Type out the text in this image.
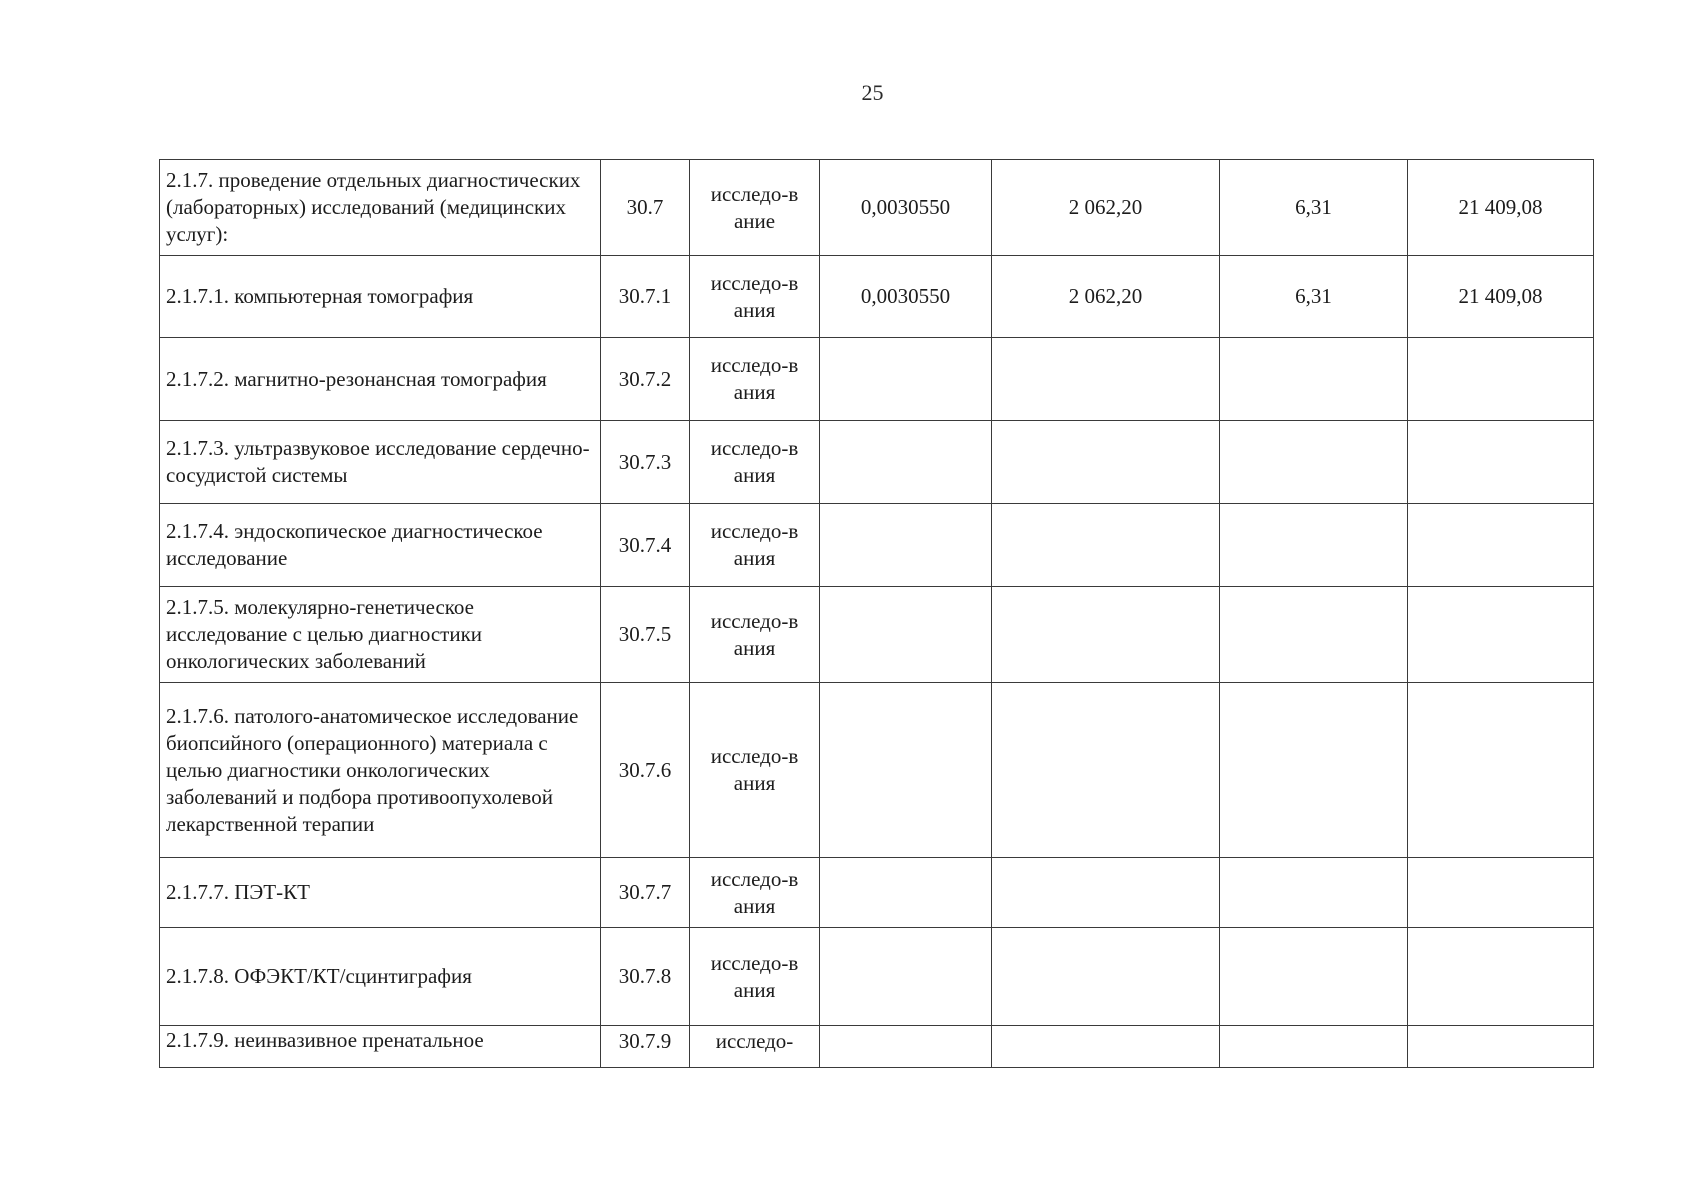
25
2.1.7. проведение отдельных диагностических (лабораторных) исследований (медицинских услуг):	30.7	исследо-вание	0,0030550	2 062,20	6,31	21 409,08
2.1.7.1. компьютерная томография	30.7.1	исследо-вания	0,0030550	2 062,20	6,31	21 409,08
2.1.7.2. магнитно-резонансная томография	30.7.2	исследо-вания				
2.1.7.3. ультразвуковое исследование сердечно-сосудистой системы	30.7.3	исследо-вания				
2.1.7.4. эндоскопическое диагностическое исследование	30.7.4	исследо-вания				
2.1.7.5. молекулярно-генетическое исследование с целью диагностики онкологических заболеваний	30.7.5	исследо-вания				
2.1.7.6. патолого-анатомическое исследование биопсийного (операционного) материала с целью диагностики онкологических заболеваний и подбора противоопухолевой лекарственной терапии	30.7.6	исследо-вания				
2.1.7.7. ПЭТ-КТ	30.7.7	исследо-вания				
2.1.7.8. ОФЭКТ/КТ/сцинтиграфия	30.7.8	исследо-вания				
2.1.7.9. неинвазивное пренатальное	30.7.9	исследо-				
